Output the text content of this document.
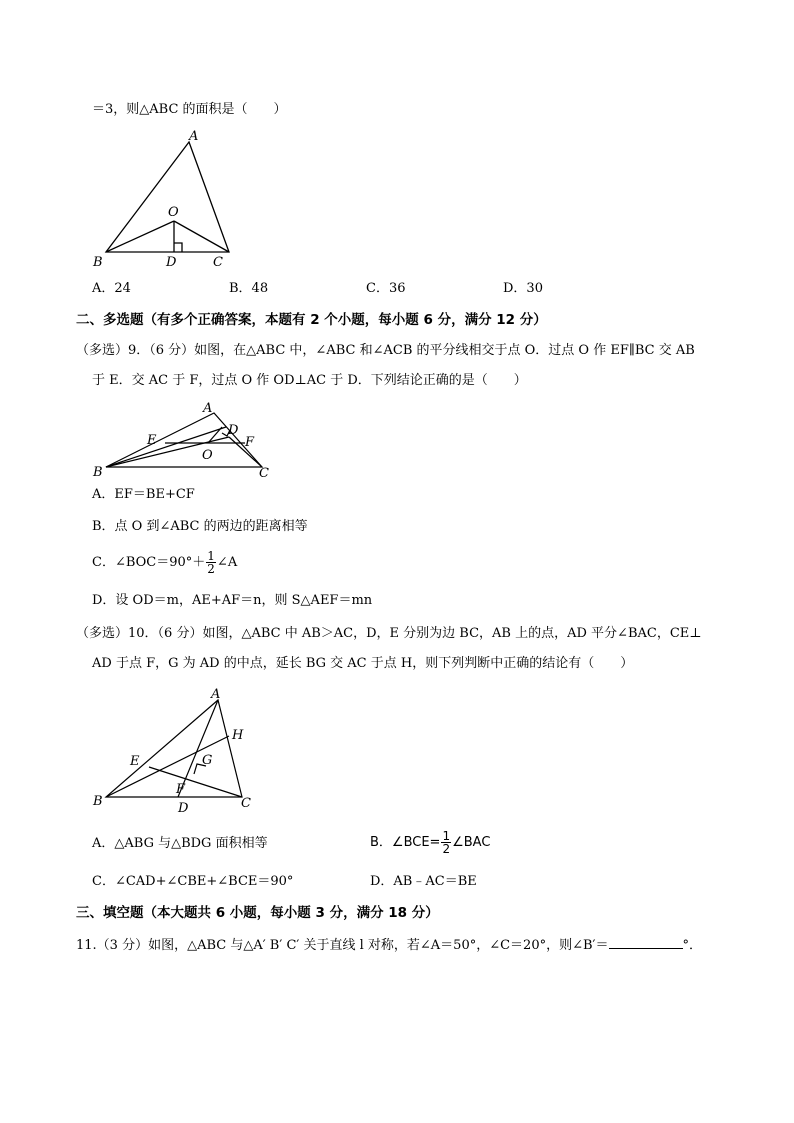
＝3，则△ABC 的面积是（　　）
A
B	C
D
O
A．24	B．48	C．36	D．30
二、多选题（有多个正确答案，本题有 2 个小题，每小题 6 分，满分 12 分）
（多选）9．（6 分）如图，在△ABC 中，∠ABC 和∠ACB 的平分线相交于点 O．过点 O 作 EF∥BC 交 AB
于 E．交 AC 于 F，过点 O 作 OD⊥AC 于 D．下列结论正确的是（　　）
A
B	C
D
E	F
O
A．EF＝BE+CF
B．点 O 到∠ABC 的两边的距离相等
C．∠BOC＝90°＋ $\frac{1}{2}$ ∠A
D．设 OD＝m，AE+AF＝n，则 S△AEF＝mn
（多选）10．（6 分）如图，△ABC 中 AB＞AC，D，E 分别为边 BC，AB 上的点，AD 平分∠BAC，CE⊥
AD 于点 F，G 为 AD 的中点，延长 BG 交 AC 于点 H，则下列判断中正确的结论有（　　）
A
B	C
D
E
F
G
H
A．△ABG 与△BDG 面积相等	B．∠BCE= $\frac{1}{2}$ ∠BAC
C．∠CAD+∠CBE+∠BCE＝90°	D．AB﹣AC＝BE
三、填空题（本大题共 6 小题，每小题 3 分，满分 18 分）
11.（3 分）如图，△ABC 与△A′ B′ C′ 关于直线 l 对称，若∠A＝50°，∠C＝20°，则∠B′＝	°．
